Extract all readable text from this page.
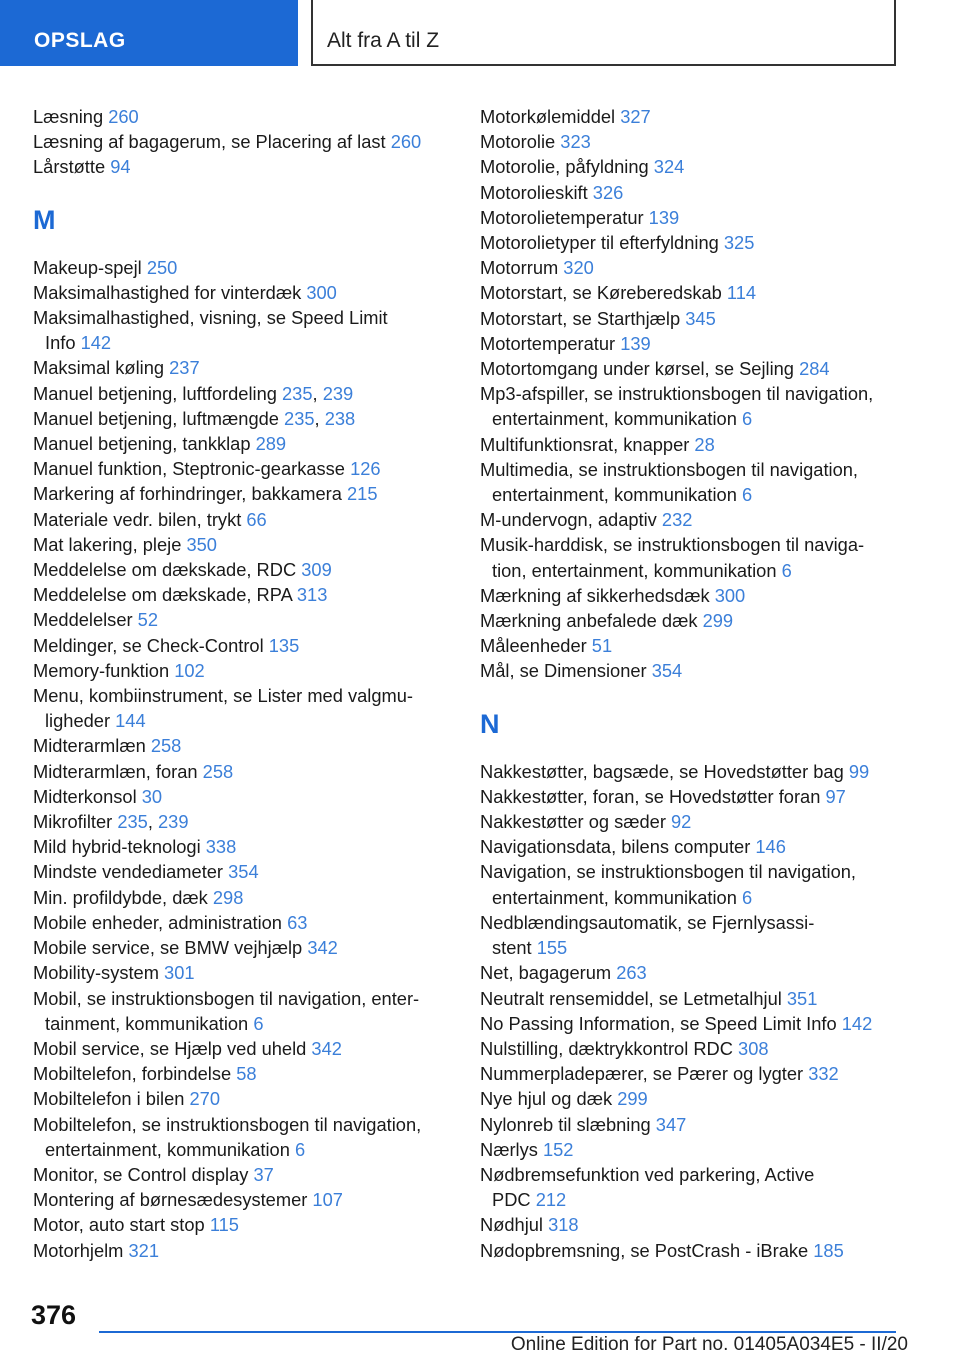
OPSLAG	Alt fra A til Z
Læsning 260
Læsning af bagagerum, se Placering af last 260
Lårstøtte 94
M
Makeup-spejl 250
Maksimalhastighed for vinterdæk 300
Maksimalhastighed, visning, se Speed Limit
Info 142
Maksimal køling 237
Manuel betjening, luftfordeling 235, 239
Manuel betjening, luftmængde 235, 238
Manuel betjening, tankklap 289
Manuel funktion, Steptronic-gearkasse 126
Markering af forhindringer, bakkamera 215
Materiale vedr. bilen, trykt 66
Mat lakering, pleje 350
Meddelelse om dækskade, RDC 309
Meddelelse om dækskade, RPA 313
Meddelelser 52
Meldinger, se Check-Control 135
Memory-funktion 102
Menu, kombiinstrument, se Lister med valgmu-
ligheder 144
Midterarmlæn 258
Midterarmlæn, foran 258
Midterkonsol 30
Mikrofilter 235, 239
Mild hybrid-teknologi 338
Mindste vendediameter 354
Min. profildybde, dæk 298
Mobile enheder, administration 63
Mobile service, se BMW vejhjælp 342
Mobility-system 301
Mobil, se instruktionsbogen til navigation, enter-
tainment, kommunikation 6
Mobil service, se Hjælp ved uheld 342
Mobiltelefon, forbindelse 58
Mobiltelefon i bilen 270
Mobiltelefon, se instruktionsbogen til navigation,
entertainment, kommunikation 6
Monitor, se Control display 37
Montering af børnesædesystemer 107
Motor, auto start stop 115
Motorhjelm 321
Motorkølemiddel 327
Motorolie 323
Motorolie, påfyldning 324
Motorolieskift 326
Motorolietemperatur 139
Motorolietyper til efterfyldning 325
Motorrum 320
Motorstart, se Køreberedskab 114
Motorstart, se Starthjælp 345
Motortemperatur 139
Motortomgang under kørsel, se Sejling 284
Mp3-afspiller, se instruktionsbogen til navigation,
entertainment, kommunikation 6
Multifunktionsrat, knapper 28
Multimedia, se instruktionsbogen til navigation,
entertainment, kommunikation 6
M-undervogn, adaptiv 232
Musik-harddisk, se instruktionsbogen til naviga-
tion, entertainment, kommunikation 6
Mærkning af sikkerhedsdæk 300
Mærkning anbefalede dæk 299
Måleenheder 51
Mål, se Dimensioner 354
N
Nakkestøtter, bagsæde, se Hovedstøtter bag 99
Nakkestøtter, foran, se Hovedstøtter foran 97
Nakkestøtter og sæder 92
Navigationsdata, bilens computer 146
Navigation, se instruktionsbogen til navigation,
entertainment, kommunikation 6
Nedblændingsautomatik, se Fjernlysassi-
stent 155
Net, bagagerum 263
Neutralt rensemiddel, se Letmetalhjul 351
No Passing Information, se Speed Limit Info 142
Nulstilling, dæktrykkontrol RDC 308
Nummerpladepærer, se Pærer og lygter 332
Nye hjul og dæk 299
Nylonreb til slæbning 347
Nærlys 152
Nødbremsefunktion ved parkering, Active
PDC 212
Nødhjul 318
Nødopbremsning, se PostCrash - iBrake 185
376
Online Edition for Part no. 01405A034E5 - II/20
